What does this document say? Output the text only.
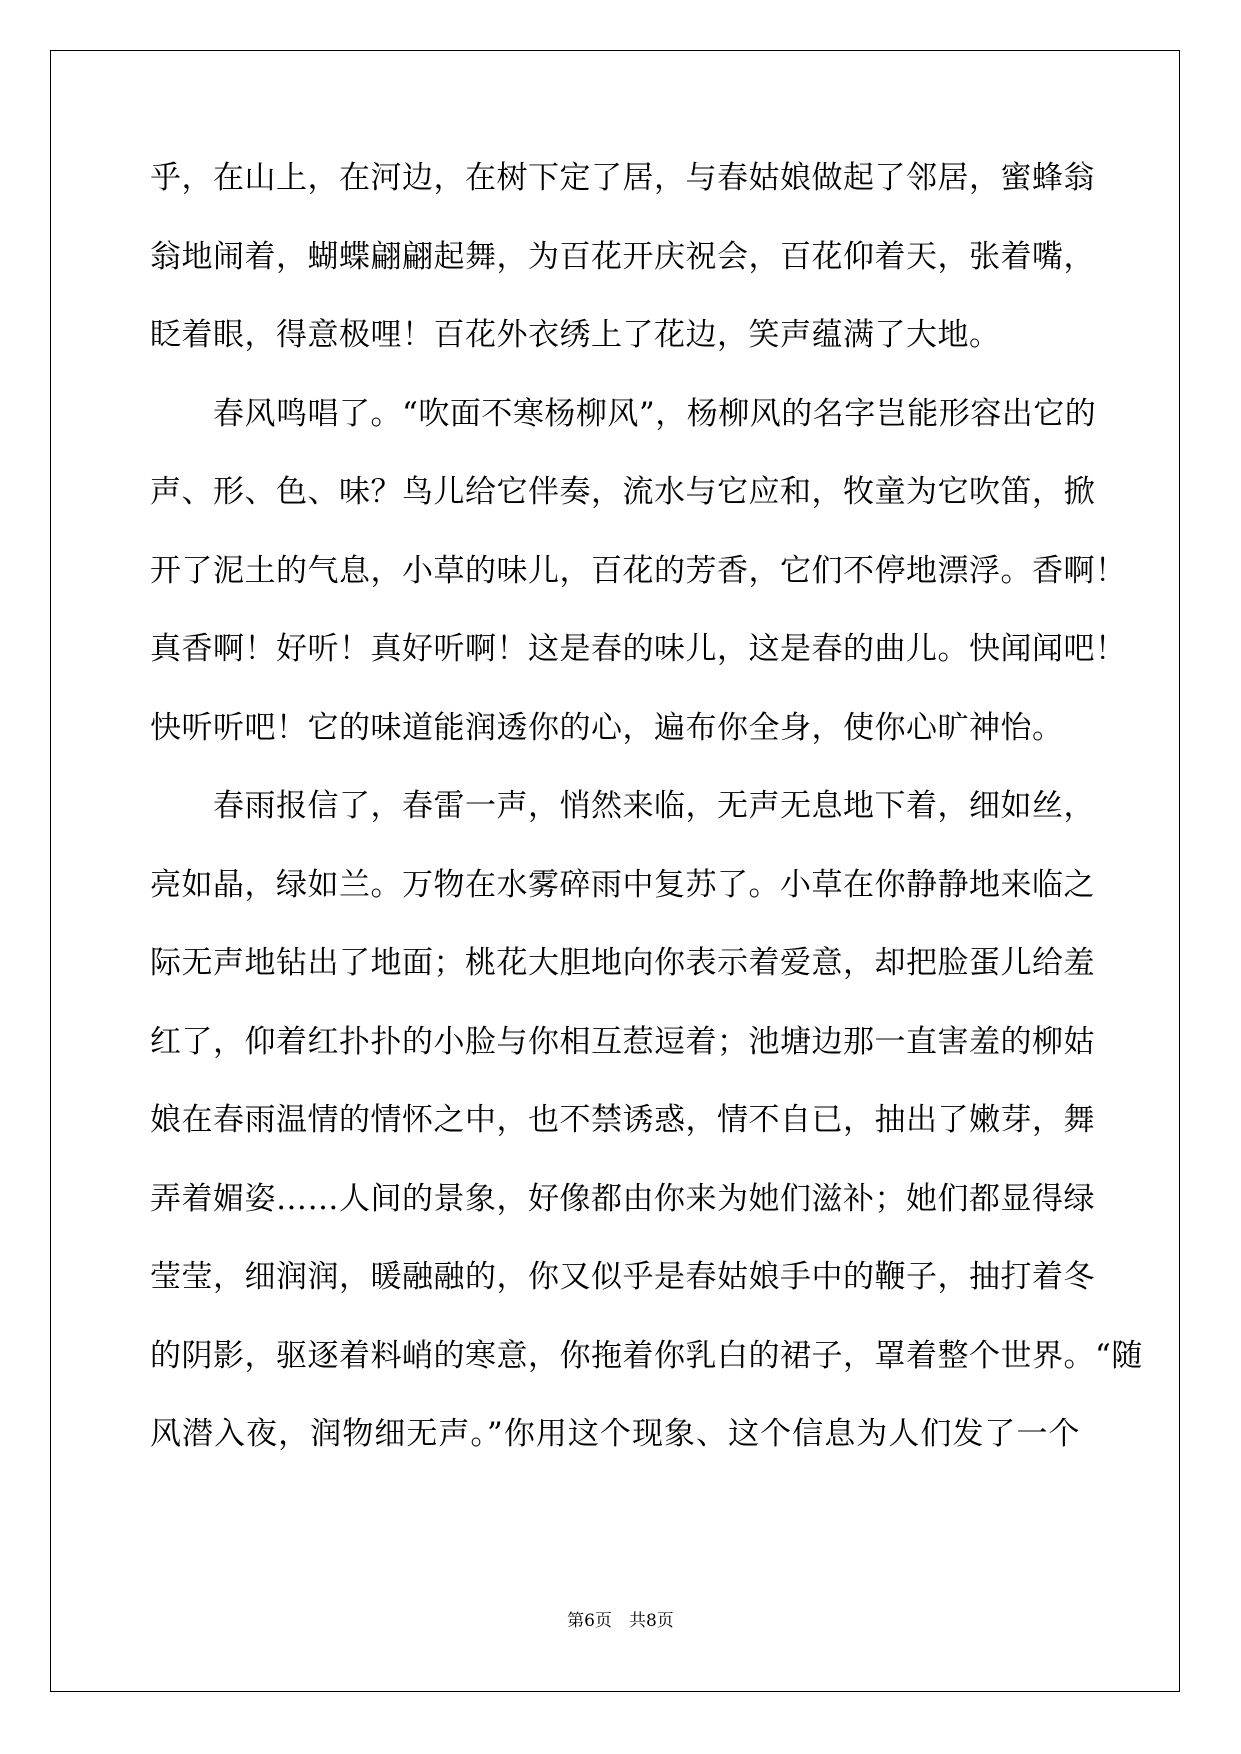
乎，在山上，在河边，在树下定了居，与春姑娘做起了邻居，蜜蜂翁
翁地闹着，蝴蝶翩翩起舞，为百花开庆祝会，百花仰着天，张着嘴，
眨着眼，得意极哩！百花外衣绣上了花边，笑声蕴满了大地。
　　春风鸣唱了。“吹面不寒杨柳风”，杨柳风的名字岂能形容出它的
声、形、色、味？鸟儿给它伴奏，流水与它应和，牧童为它吹笛，掀
开了泥土的气息，小草的味儿，百花的芳香，它们不停地漂浮。香啊！
真香啊！好听！真好听啊！这是春的味儿，这是春的曲儿。快闻闻吧！
快听听吧！它的味道能润透你的心，遍布你全身，使你心旷神怡。
　　春雨报信了，春雷一声，悄然来临，无声无息地下着，细如丝，
亮如晶，绿如兰。万物在水雾碎雨中复苏了。小草在你静静地来临之
际无声地钻出了地面；桃花大胆地向你表示着爱意，却把脸蛋儿给羞
红了，仰着红扑扑的小脸与你相互惹逗着；池塘边那一直害羞的柳姑
娘在春雨温情的情怀之中，也不禁诱惑，情不自已，抽出了嫩芽，舞
弄着媚姿……人间的景象，好像都由你来为她们滋补；她们都显得绿
莹莹，细润润，暖融融的，你又似乎是春姑娘手中的鞭子，抽打着冬
的阴影，驱逐着料峭的寒意，你拖着你乳白的裙子，罩着整个世界。“随
风潜入夜，润物细无声。”你用这个现象、这个信息为人们发了一个
第6页　共8页
